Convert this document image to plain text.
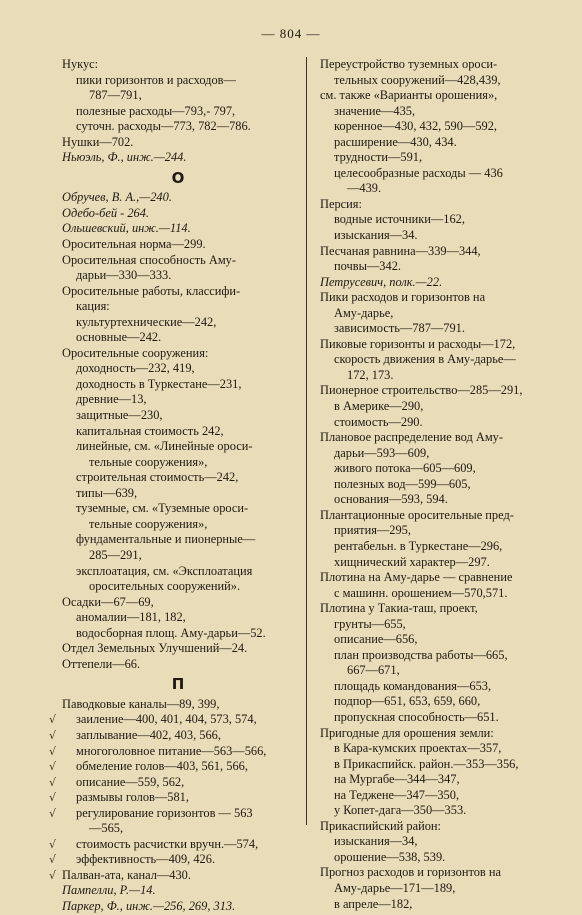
— 804 —
Нукус:
пики горизонтов и расходов—
787—791,
полезные расходы—793,- 797,
суточн. расходы—773, 782—786.
Нушки—702.
Ньюэль, Ф., инж.—244.
О
Обручев, В. А.,—240.
Одебо-бей - 264.
Ольшевский, инж.—114.
Оросительная норма—299.
Оросительная способность Аму-
дарьи—330—333.
Оросительные работы, классифи-
кация:
культуртехнические—242,
основные—242.
Оросительные сооружения:
доходность—232, 419,
доходность в Туркестане—231,
древние—13,
защитные—230,
капитальная стоимость 242,
линейные, см. «Линейные ороси-
тельные сооружения»,
строительная стоимость—242,
типы—639,
туземные, см. «Туземные ороси-
тельные сооружения»,
фундаментальные и пионерные—
285—291,
эксплоатация, см. «Эксплоатация
оросительных сооружений».
Осадки—67—69,
аномалии—181, 182,
водосборная площ. Аму-дарьи—52.
Отдел Земельных Улучшений—24.
Оттепели—66.
П
Паводковые каналы—89, 399,
√ заиление—400, 401, 404, 573, 574,
√ заплывание—402, 403, 566,
√ многоголовное питание—563—566,
√ обмеление голов—403, 561, 566,
√ описание—559, 562,
√ размывы голов—581,
√ регулирование горизонтов — 563
—565,
√ стоимость расчистки вручн.—574,
√ эффективность—409, 426.
√ Палван-ата, канал—430.
Пампелли, Р.—14.
Паркер, Ф., инж.—256, 269, 313.
Переустройство туземных ороси-
тельных сооружений—428,439,
см. также «Варианты орошения»,
значение—435,
коренное—430, 432, 590—592,
расширение—430, 434.
трудности—591,
целесообразные расходы — 436
—439.
Персия:
водные источники—162,
изыскания—34.
Песчаная равнина—339—344,
почвы—342.
Петрусевич, полк.—22.
Пики расходов и горизонтов на
Аму-дарье,
зависимость—787—791.
Пиковые горизонты и расходы—172,
скорость движения в Аму-дарье—
172, 173.
Пионерное строительство—285—291,
в Америке—290,
стоимость—290.
Плановое распределение вод Аму-
дарьи—593—609,
живого потока—605—609,
полезных вод—599—605,
основания—593, 594.
Плантационные оросительные пред-
приятия—295,
рентабельн. в Туркестане—296,
хищнический характер—297.
Плотина на Аму-дарье — сравнение
с машинн. орошением—570,571.
Плотина у Такиа-таш, проект,
грунты—655,
описание—656,
план производства работы—665,
667—671,
площадь командования—653,
подпор—651, 653, 659, 660,
пропускная способность—651.
Пригодные для орошения земли:
в Кара-кумских проектах—357,
в Прикаспийск. район.—353—356,
на Мургабе—344—347,
на Теджене—347—350,
у Копет-дага—350—353.
Прикаспийский район:
изыскания—34,
орошение—538, 539.
Прогноз расходов и горизонтов на
Аму-дарье—171—189,
в апреле—182,
